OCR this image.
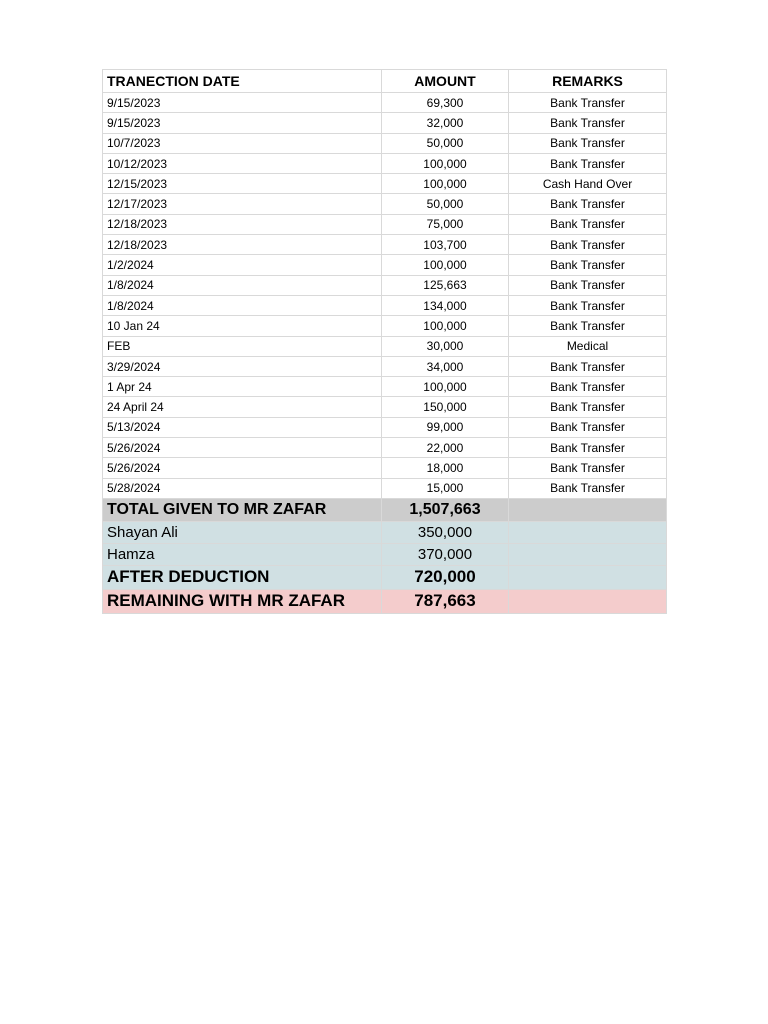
TRANECTION DATE	AMOUNT	REMARKS
9/15/2023	69,300	Bank Transfer
9/15/2023	32,000	Bank Transfer
10/7/2023	50,000	Bank Transfer
10/12/2023	100,000	Bank Transfer
12/15/2023	100,000	Cash Hand Over
12/17/2023	50,000	Bank Transfer
12/18/2023	75,000	Bank Transfer
12/18/2023	103,700	Bank Transfer
1/2/2024	100,000	Bank Transfer
1/8/2024	125,663	Bank Transfer
1/8/2024	134,000	Bank Transfer
10 Jan 24	100,000	Bank Transfer
FEB	30,000	Medical
3/29/2024	34,000	Bank Transfer
1 Apr 24	100,000	Bank Transfer
24 April 24	150,000	Bank Transfer
5/13/2024	99,000	Bank Transfer
5/26/2024	22,000	Bank Transfer
5/26/2024	18,000	Bank Transfer
5/28/2024	15,000	Bank Transfer
TOTAL GIVEN TO MR ZAFAR	1,507,663	
Shayan Ali	350,000	
Hamza	370,000	
AFTER DEDUCTION	720,000	
REMAINING WITH MR ZAFAR	787,663	
